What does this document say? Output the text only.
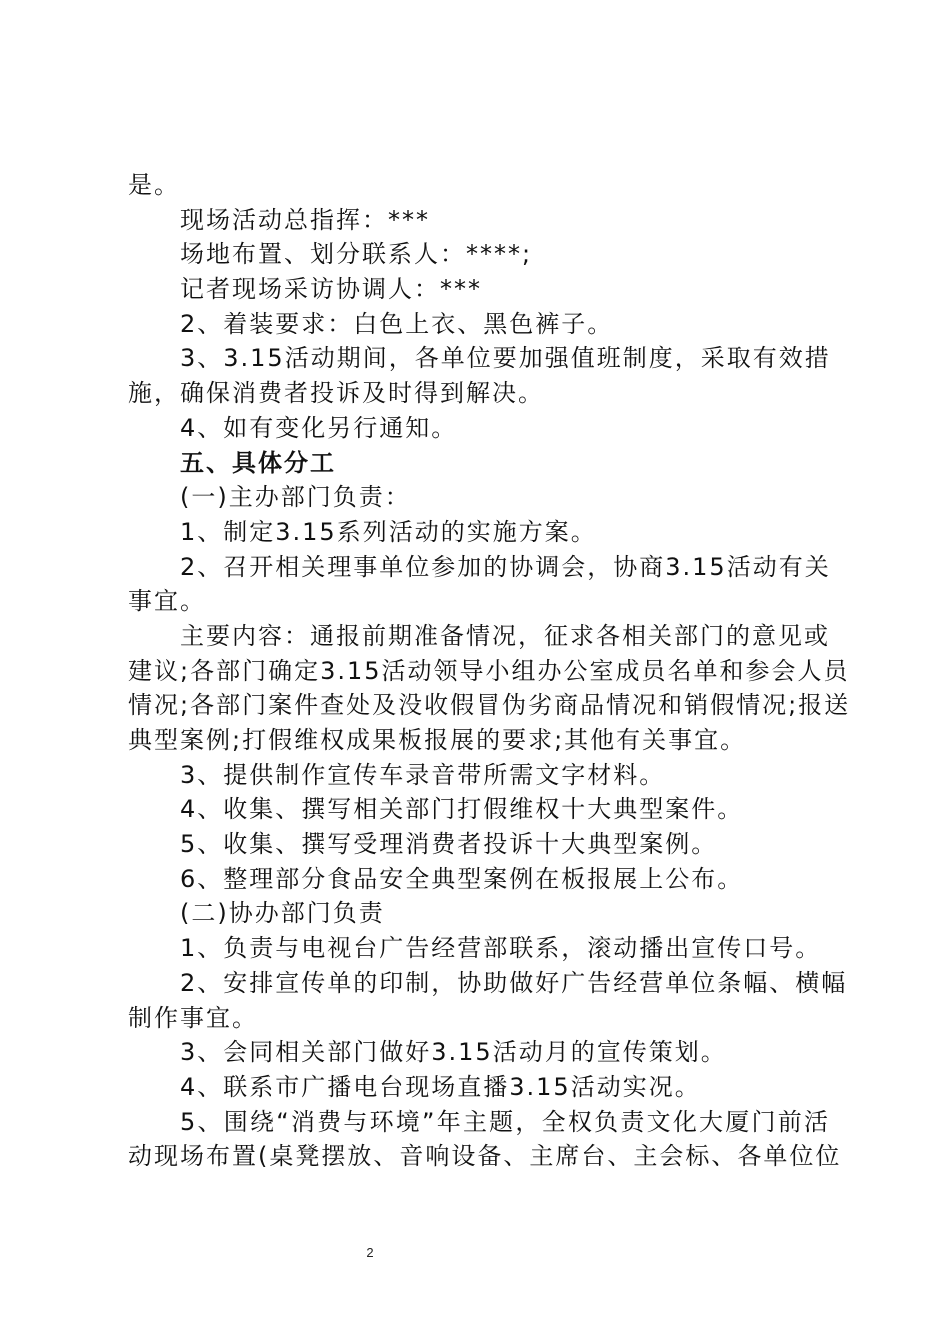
是。
现场活动总指挥：***
场地布置、划分联系人：****;
记者现场采访协调人：***
2、着装要求：白色上衣、黑色裤子。
3、3.15活动期间，各单位要加强值班制度，采取有效措
施，确保消费者投诉及时得到解决。
4、如有变化另行通知。
五、具体分工
(一)主办部门负责：
1、制定3.15系列活动的实施方案。
2、召开相关理事单位参加的协调会，协商3.15活动有关
事宜。
主要内容：通报前期准备情况，征求各相关部门的意见或
建议;各部门确定3.15活动领导小组办公室成员名单和参会人员
情况;各部门案件查处及没收假冒伪劣商品情况和销假情况;报送
典型案例;打假维权成果板报展的要求;其他有关事宜。
3、提供制作宣传车录音带所需文字材料。
4、收集、撰写相关部门打假维权十大典型案件。
5、收集、撰写受理消费者投诉十大典型案例。
6、整理部分食品安全典型案例在板报展上公布。
(二)协办部门负责
1、负责与电视台广告经营部联系，滚动播出宣传口号。
2、安排宣传单的印制，协助做好广告经营单位条幅、横幅
制作事宜。
3、会同相关部门做好3.15活动月的宣传策划。
4、联系市广播电台现场直播3.15活动实况。
5、围绕“消费与环境”年主题，全权负责文化大厦门前活
动现场布置(桌凳摆放、音响设备、主席台、主会标、各单位位
2
